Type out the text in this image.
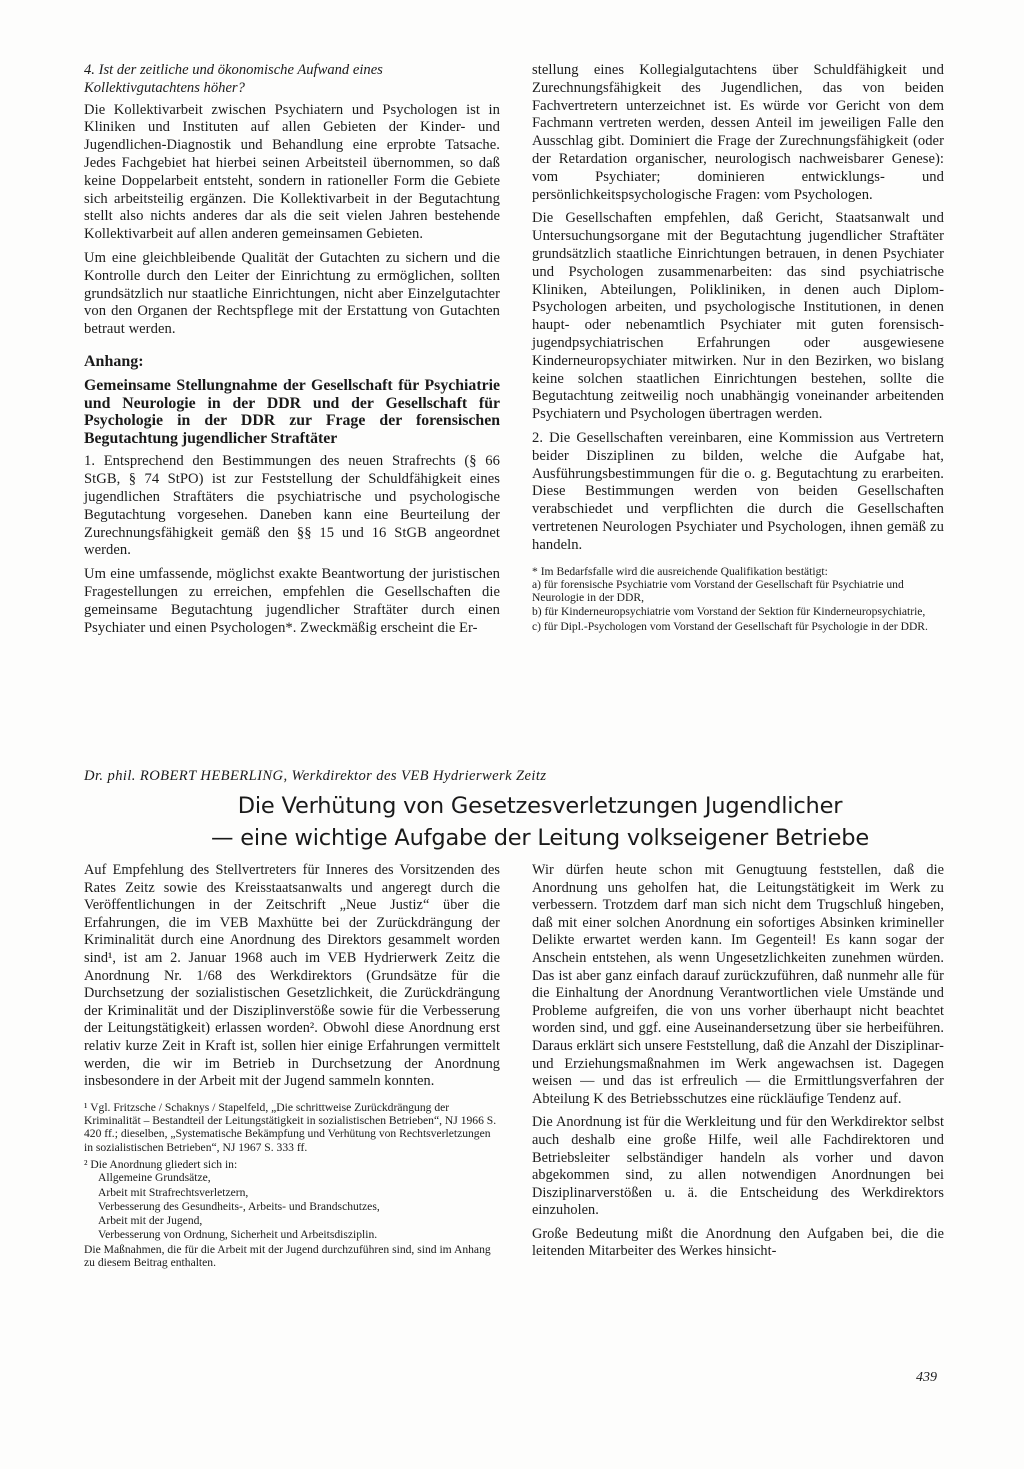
4. Ist der zeitliche und ökonomische Aufwand eines Kollektivgutachtens höher?

Die Kollektivarbeit zwischen Psychiatern und Psychologen ist in Kliniken und Instituten auf allen Gebieten der Kinder- und Jugendlichen-Diagnostik und Behandlung eine erprobte Tatsache. Jedes Fachgebiet hat hierbei seinen Arbeitsteil übernommen, so daß keine Doppelarbeit entsteht, sondern in rationeller Form die Gebiete sich arbeitsteilig ergänzen. Die Kollektivarbeit in der Begutachtung stellt also nichts anderes dar als die seit vielen Jahren bestehende Kollektivarbeit auf allen anderen gemeinsamen Gebieten.

Um eine gleichbleibende Qualität der Gutachten zu sichern und die Kontrolle durch den Leiter der Einrichtung zu ermöglichen, sollten grundsätzlich nur staatliche Einrichtungen, nicht aber Einzelgutachter von den Organen der Rechtspflege mit der Erstattung von Gutachten betraut werden.

Anhang:
Gemeinsame Stellungnahme der Gesellschaft für Psychiatrie und Neurologie in der DDR und der Gesellschaft für Psychologie in der DDR zur Frage der forensischen Begutachtung jugendlicher Straftäter

1. Entsprechend den Bestimmungen des neuen Strafrechts (§ 66 StGB, § 74 StPO) ist zur Feststellung der Schuldfähigkeit eines jugendlichen Straftäters die psychiatrische und psychologische Begutachtung vorgesehen. Daneben kann eine Beurteilung der Zurechnungsfähigkeit gemäß den §§ 15 und 16 StGB angeordnet werden.

Um eine umfassende, möglichst exakte Beantwortung der juristischen Fragestellungen zu erreichen, empfehlen die Gesellschaften die gemeinsame Begutachtung jugendlicher Straftäter durch einen Psychiater und einen Psychologen*. Zweckmäßig erscheint die Er-

stellung eines Kollegialgutachtens über Schuldfähigkeit und Zurechnungsfähigkeit des Jugendlichen, das von beiden Fachvertretern unterzeichnet ist. Es würde vor Gericht von dem Fachmann vertreten werden, dessen Anteil im jeweiligen Falle den Ausschlag gibt. Dominiert die Frage der Zurechnungsfähigkeit (oder der Retardation organischer, neurologisch nachweisbarer Genese): vom Psychiater; dominieren entwicklungs- und persönlichkeitspsychologische Fragen: vom Psychologen.

Die Gesellschaften empfehlen, daß Gericht, Staatsanwalt und Untersuchungsorgane mit der Begutachtung jugendlicher Straftäter grundsätzlich staatliche Einrichtungen betrauen, in denen Psychiater und Psychologen zusammenarbeiten: das sind psychiatrische Kliniken, Abteilungen, Polikliniken, in denen auch Diplom-Psychologen arbeiten, und psychologische Institutionen, in denen haupt- oder nebenamtlich Psychiater mit guten forensisch-jugendpsychiatrischen Erfahrungen oder ausgewiesene Kinderneuropsychiater mitwirken. Nur in den Bezirken, wo bislang keine solchen staatlichen Einrichtungen bestehen, sollte die Begutachtung zeitweilig noch unabhängig voneinander arbeitenden Psychiatern und Psychologen übertragen werden.

2. Die Gesellschaften vereinbaren, eine Kommission aus Vertretern beider Disziplinen zu bilden, welche die Aufgabe hat, Ausführungsbestimmungen für die o. g. Begutachtung zu erarbeiten. Diese Bestimmungen werden von beiden Gesellschaften verabschiedet und verpflichten die durch die Gesellschaften vertretenen Neurologen Psychiater und Psychologen, ihnen gemäß zu handeln.

* Im Bedarfsfalle wird die ausreichende Qualifikation bestätigt:

a) für forensische Psychiatrie vom Vorstand der Gesellschaft für Psychiatrie und Neurologie in der DDR,
b) für Kinderneuropsychiatrie vom Vorstand der Sektion für Kinderneuropsychiatrie,
c) für Dipl.-Psychologen vom Vorstand der Gesellschaft für Psychologie in der DDR.
Dr. phil. ROBERT HEBERLING, Werkdirektor des VEB Hydrierwerk Zeitz
Die Verhütung von Gesetzesverletzungen Jugendlicher
— eine wichtige Aufgabe der Leitung volkseigener Betriebe

Auf Empfehlung des Stellvertreters für Inneres des Vorsitzenden des Rates Zeitz sowie des Kreisstaatsanwalts und angeregt durch die Veröffentlichungen in der Zeitschrift „Neue Justiz“ über die Erfahrungen, die im VEB Maxhütte bei der Zurückdrängung der Kriminalität durch eine Anordnung des Direktors gesammelt worden sind¹, ist am 2. Januar 1968 auch im VEB Hydrierwerk Zeitz die Anordnung Nr. 1/68 des Werkdirektors (Grundsätze für die Durchsetzung der sozialistischen Gesetzlichkeit, die Zurückdrängung der Kriminalität und der Disziplinverstöße sowie für die Verbesserung der Leitungstätigkeit) erlassen worden². Obwohl diese Anordnung erst relativ kurze Zeit in Kraft ist, sollen hier einige Erfahrungen vermittelt werden, die wir im Betrieb in Durchsetzung der Anordnung insbesondere in der Arbeit mit der Jugend sammeln konnten.

¹ Vgl. Fritzsche / Schaknys / Stapelfeld, „Die schrittweise Zurückdrängung der Kriminalität – Bestandteil der Leitungstätigkeit in sozialistischen Betrieben“, NJ 1966 S. 420 ff.; dieselben, „Systematische Bekämpfung und Verhütung von Rechtsverletzungen in sozialistischen Betrieben“, NJ 1967 S. 333 ff.

² Die Anordnung gliedert sich in:

Allgemeine Grundsätze,
Arbeit mit Strafrechtsverletzern,
Verbesserung des Gesundheits-, Arbeits- und Brandschutzes,
Arbeit mit der Jugend,
Verbesserung von Ordnung, Sicherheit und Arbeitsdisziplin.

Die Maßnahmen, die für die Arbeit mit der Jugend durchzuführen sind, sind im Anhang zu diesem Beitrag enthalten.

Wir dürfen heute schon mit Genugtuung feststellen, daß die Anordnung uns geholfen hat, die Leitungstätigkeit im Werk zu verbessern. Trotzdem darf man sich nicht dem Trugschluß hingeben, daß mit einer solchen Anordnung ein sofortiges Absinken krimineller Delikte erwartet werden kann. Im Gegenteil! Es kann sogar der Anschein entstehen, als wenn Ungesetzlichkeiten zunehmen würden. Das ist aber ganz einfach darauf zurückzuführen, daß nunmehr alle für die Einhaltung der Anordnung Verantwortlichen viele Umstände und Probleme aufgreifen, die von uns vorher überhaupt nicht beachtet worden sind, und ggf. eine Auseinandersetzung über sie herbeiführen. Daraus erklärt sich unsere Feststellung, daß die Anzahl der Disziplinar- und Erziehungsmaßnahmen im Werk angewachsen ist. Dagegen weisen — und das ist erfreulich — die Ermittlungsverfahren der Abteilung K des Betriebsschutzes eine rückläufige Tendenz auf.

Die Anordnung ist für die Werkleitung und für den Werkdirektor selbst auch deshalb eine große Hilfe, weil alle Fachdirektoren und Betriebsleiter selbständiger handeln als vorher und davon abgekommen sind, zu allen notwendigen Anordnungen bei Disziplinarverstößen u. ä. die Entscheidung des Werkdirektors einzuholen.

Große Bedeutung mißt die Anordnung den Aufgaben bei, die die leitenden Mitarbeiter des Werkes hinsicht-

439
